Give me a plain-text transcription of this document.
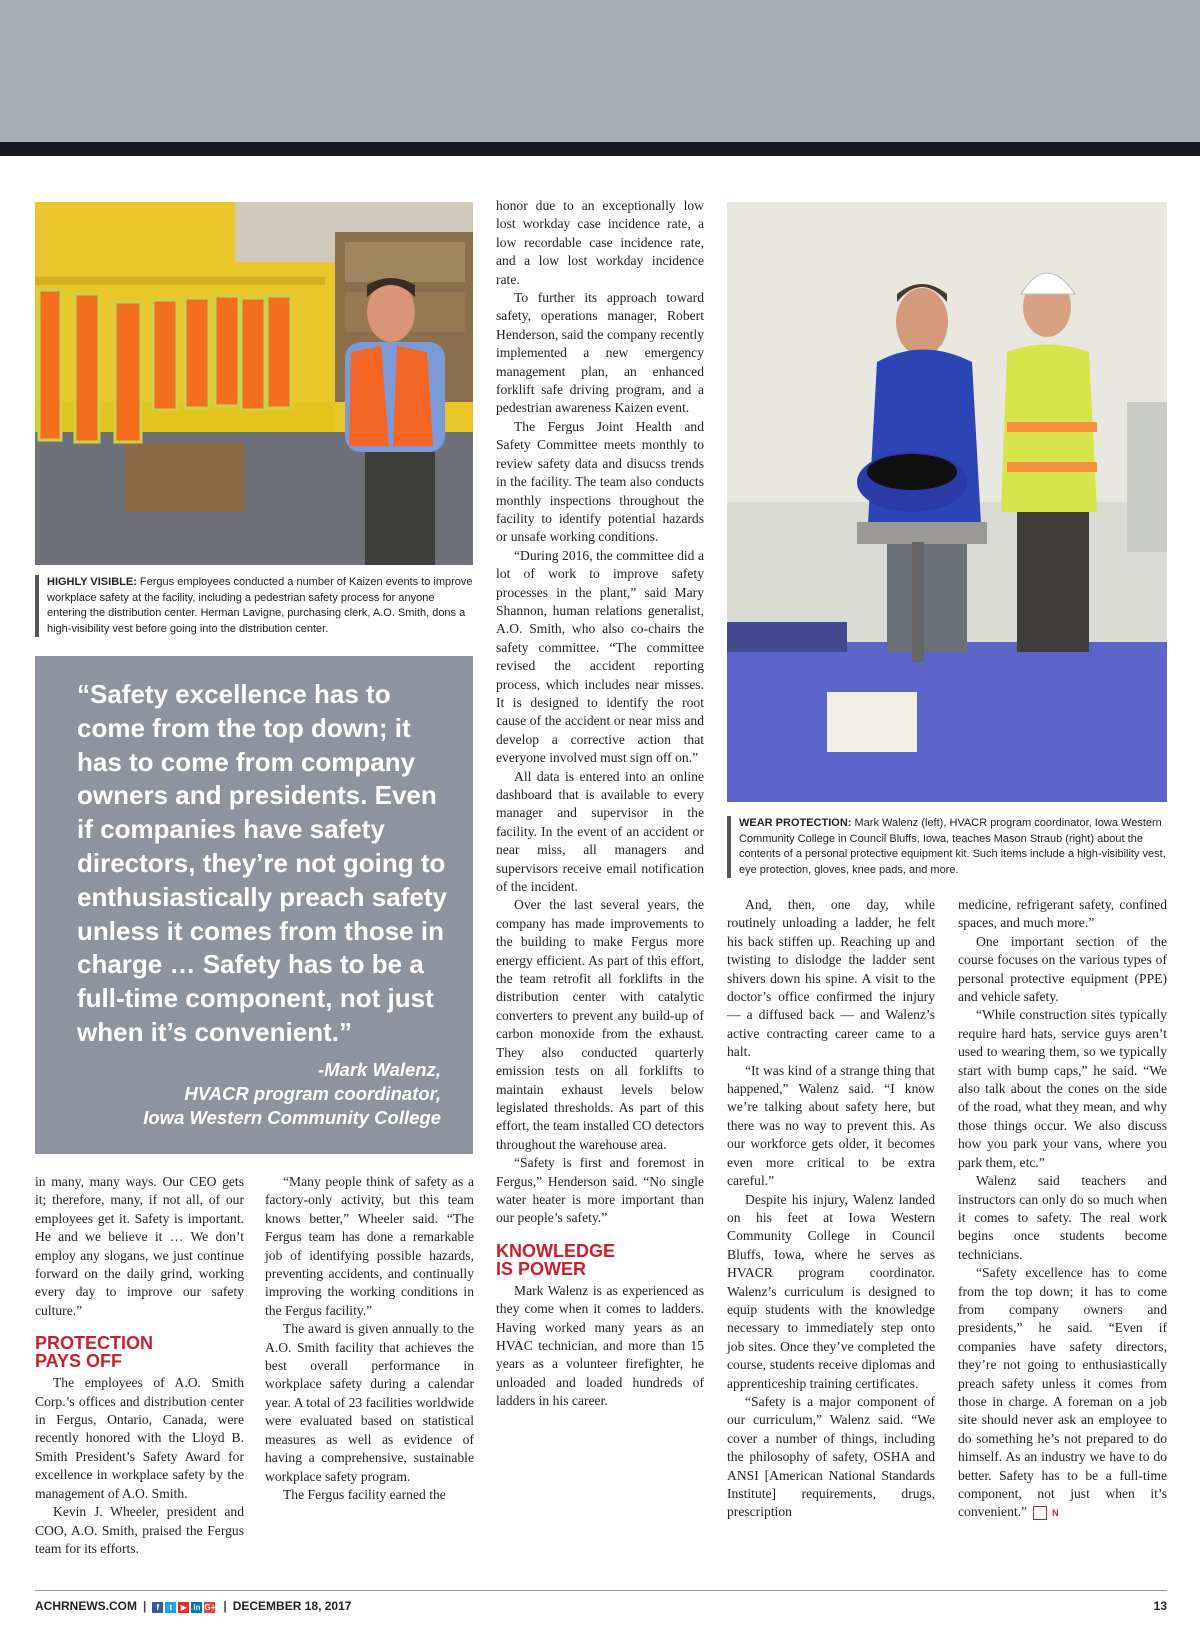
HIGHLY VISIBLE: Fergus employees conducted a number of Kaizen events to improve workplace safety at the facility, including a pedestrian safety process for anyone entering the distribution center. Herman Lavigne, purchasing clerk, A.O. Smith, dons a high-visibility vest before going into the distribution center.
“Safety excellence has to come from the top down; it has to come from company owners and presidents. Even if companies have safety directors, they’re not going to enthusiastically preach safety unless it comes from those in charge … Safety has to be a full-time component, not just when it’s convenient.”
-Mark Walenz,
HVACR program coordinator,
Iowa Western Community College

in many, many ways. Our CEO gets it; therefore, many, if not all, of our employees get it. Safety is important. He and we believe it … We don’t employ any slogans, we just continue forward on the daily grind, working every day to improve our safety culture.”

PROTECTION
PAYS OFF

The employees of A.O. Smith Corp.’s offices and distribution center in Fergus, Ontario, Canada, were recently honored with the Lloyd B. Smith President’s Safety Award for excellence in workplace safety by the management of A.O. Smith.

Kevin J. Wheeler, president and COO, A.O. Smith, praised the Fergus team for its efforts.

“Many people think of safety as a factory-only activity, but this team knows better,” Wheeler said. “The Fergus team has done a remarkable job of identifying possible hazards, preventing accidents, and continually improving the working conditions in the Fergus facility.”

The award is given annually to the A.O. Smith facility that achieves the best overall performance in workplace safety during a calendar year. A total of 23 facilities worldwide were evaluated based on statistical measures as well as evidence of having a comprehensive, sustainable workplace safety program.

The Fergus facility earned the

honor due to an exceptionally low lost workday case incidence rate, a low recordable case incidence rate, and a low lost workday incidence rate.

To further its approach toward safety, operations manager, Robert Henderson, said the company recently implemented a new emergency management plan, an enhanced forklift safe driving program, and a pedestrian awareness Kaizen event.

The Fergus Joint Health and Safety Committee meets monthly to review safety data and disucss trends in the facility. The team also conducts monthly inspections throughout the facility to identify potential hazards or unsafe working conditions.

“During 2016, the committee did a lot of work to improve safety processes in the plant,” said Mary Shannon, human relations generalist, A.O. Smith, who also co-chairs the safety committee. “The committee revised the accident reporting process, which includes near misses. It is designed to identify the root cause of the accident or near miss and develop a corrective action that everyone involved must sign off on.”

All data is entered into an online dashboard that is available to every manager and supervisor in the facility. In the event of an accident or near miss, all managers and supervisors receive email notification of the incident.

Over the last several years, the company has made improvements to the building to make Fergus more energy efficient. As part of this effort, the team retrofit all forklifts in the distribution center with catalytic converters to prevent any build-up of carbon monoxide from the exhaust. They also conducted quarterly emission tests on all forklifts to maintain exhaust levels below legislated thresholds. As part of this effort, the team installed CO detectors throughout the warehouse area.

“Safety is first and foremost in Fergus,” Henderson said. “No single water heater is more important than our people’s safety.”

KNOWLEDGE
IS POWER

Mark Walenz is as experienced as they come when it comes to ladders. Having worked many years as an HVAC technician, and more than 15 years as a volunteer firefighter, he unloaded and loaded hundreds of ladders in his career.

WEAR PROTECTION: Mark Walenz (left), HVACR program coordinator, Iowa Western Community College in Council Bluffs, Iowa, teaches Mason Straub (right) about the contents of a personal protective equipment kit. Such items include a high-visibility vest, eye protection, gloves, knee pads, and more.

And, then, one day, while routinely unloading a ladder, he felt his back stiffen up. Reaching up and twisting to dislodge the ladder sent shivers down his spine. A visit to the doctor’s office confirmed the injury — a diffused back — and Walenz’s active contracting career came to a halt.

“It was kind of a strange thing that happened,” Walenz said. “I know we’re talking about safety here, but there was no way to prevent this. As our workforce gets older, it becomes even more critical to be extra careful.”

Despite his injury, Walenz landed on his feet at Iowa Western Community College in Council Bluffs, Iowa, where he serves as HVACR program coordinator. Walenz’s curriculum is designed to equip students with the knowledge necessary to immediately step onto job sites. Once they’ve completed the course, students receive diplomas and apprenticeship training certificates.

“Safety is a major component of our curriculum,” Walenz said. “We cover a number of things, including the philosophy of safety, OSHA and ANSI [American National Standards Institute] requirements, drugs, prescription

medicine, refrigerant safety, confined spaces, and much more.”

One important section of the course focuses on the various types of personal protective equipment (PPE) and vehicle safety.

“While construction sites typically require hard hats, service guys aren’t used to wearing them, so we typically start with bump caps,” he said. “We also talk about the cones on the side of the road, what they mean, and why those things occur. We also discuss how you park your vans, where you park them, etc.”

Walenz said teachers and instructors can only do so much when it comes to safety. The real work begins once students become technicians.

“Safety excellence has to come from the top down; it has to come from company owners and presidents,” he said. “Even if companies have safety directors, they’re not going to enthusiastically preach safety unless it comes from those in charge. A foreman on a job site should never ask an employee to do something he’s not prepared to do himself. As an industry we have to do better. Safety has to be a full-time component, not just when it’s convenient.”	N

ACHRNEWS.COM |	f t ▶ in G+ | DECEMBER 18, 2017	13
